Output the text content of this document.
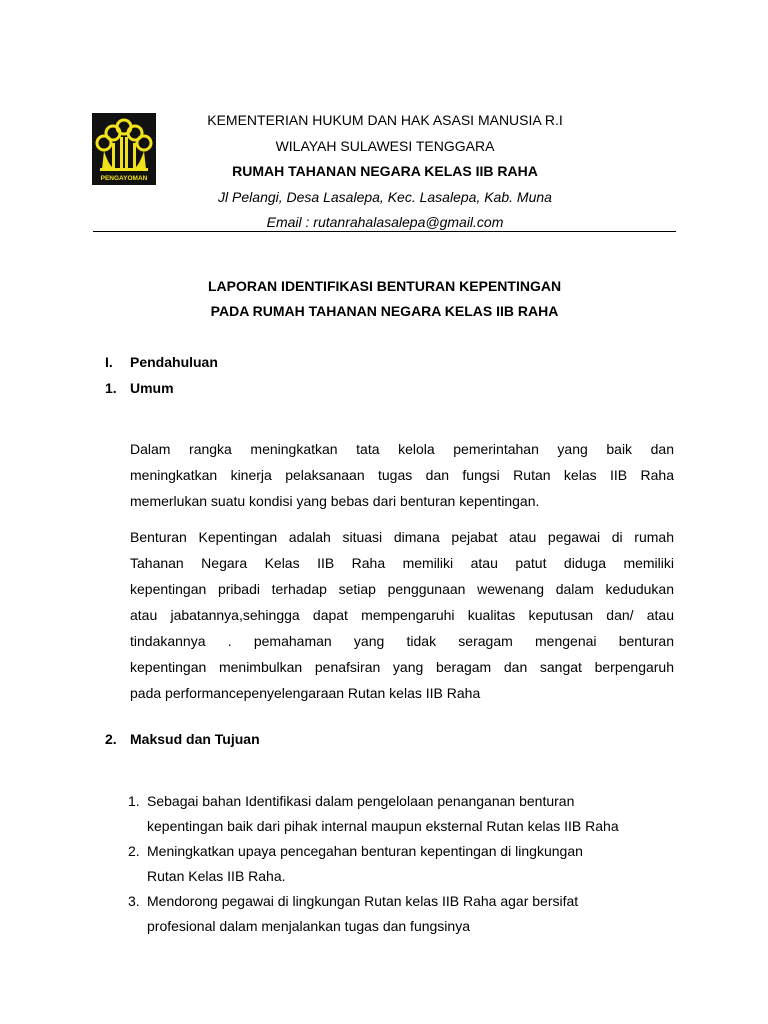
PENGAYOMAN
KEMENTERIAN HUKUM DAN HAK ASASI MANUSIA R.I
WILAYAH SULAWESI TENGGARA
RUMAH TAHANAN NEGARA KELAS IIB RAHA
Jl Pelangi, Desa Lasalepa, Kec. Lasalepa, Kab. Muna
Email : rutanrahalasalepa@gmail.com
LAPORAN IDENTIFIKASI BENTURAN KEPENTINGAN
PADA RUMAH TAHANAN NEGARA KELAS IIB RAHA
I. Pendahuluan
1. Umum
Dalam rangka meningkatkan tata kelola pemerintahan yang baik dan
meningkatkan kinerja pelaksanaan tugas dan fungsi Rutan kelas IIB Raha
memerlukan suatu kondisi yang bebas dari benturan kepentingan.
Benturan Kepentingan adalah situasi dimana pejabat atau pegawai di rumah
Tahanan Negara Kelas IIB Raha memiliki atau patut diduga memiliki
kepentingan pribadi terhadap setiap penggunaan wewenang dalam kedudukan
atau jabatannya,sehingga dapat mempengaruhi kualitas keputusan dan/ atau
tindakannya . pemahaman yang tidak seragam mengenai benturan
kepentingan menimbulkan penafsiran yang beragam dan sangat berpengaruh
pada performancepenyelengaraan Rutan kelas IIB Raha
2. Maksud dan Tujuan
1. Sebagai bahan Identifikasi dalam pengelolaan penanganan benturan
kepentingan baik dari pihak internal maupun eksternal Rutan kelas IIB Raha
2. Meningkatkan upaya pencegahan benturan kepentingan di lingkungan
Rutan Kelas IIB Raha.
3. Mendorong pegawai di lingkungan Rutan kelas IIB Raha agar bersifat
profesional dalam menjalankan tugas dan fungsinya
